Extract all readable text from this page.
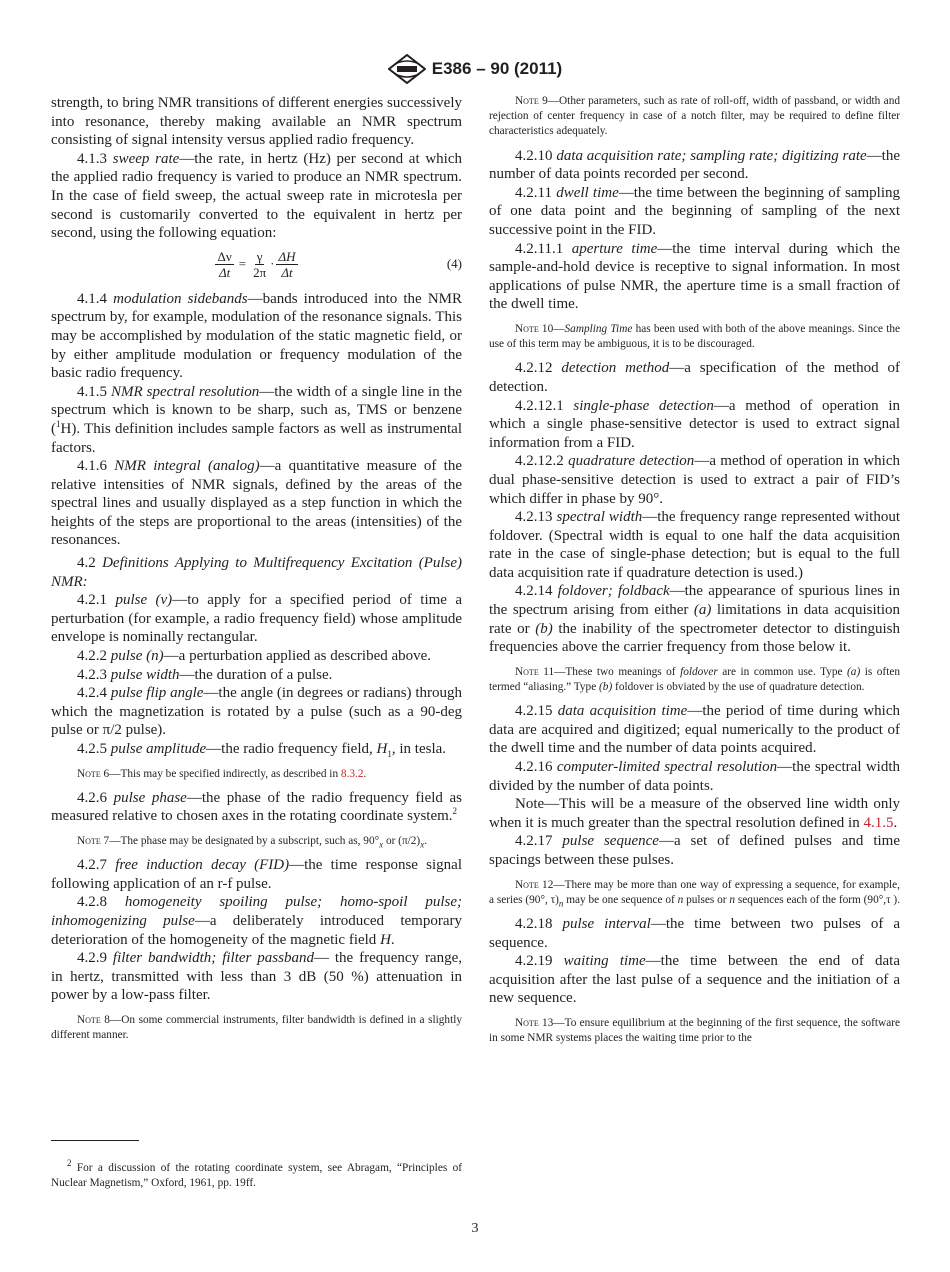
E386 – 90 (2011)

strength, to bring NMR transitions of different energies successively into resonance, thereby making available an NMR spectrum consisting of signal intensity versus applied radio frequency.

4.1.3 sweep rate—the rate, in hertz (Hz) per second at which the applied radio frequency is varied to produce an NMR spectrum. In the case of field sweep, the actual sweep rate in microtesla per second is customarily converted to the equivalent in hertz per second, using the following equation:

$\frac{\Delta\nu}{\Delta t} = \frac{\gamma}{2\pi} \cdot \frac{\Delta H}{\Delta t}$	(4)

4.1.4 modulation sidebands—bands introduced into the NMR spectrum by, for example, modulation of the resonance signals. This may be accomplished by modulation of the static magnetic field, or by either amplitude modulation or frequency modulation of the basic radio frequency.

4.1.5 NMR spectral resolution—the width of a single line in the spectrum which is known to be sharp, such as, TMS or benzene ($^1$H). This definition includes sample factors as well as instrumental factors.

4.1.6 NMR integral (analog)—a quantitative measure of the relative intensities of NMR signals, defined by the areas of the spectral lines and usually displayed as a step function in which the heights of the steps are proportional to the areas (intensities) of the resonances.

4.2 Definitions Applying to Multifrequency Excitation (Pulse) NMR:

4.2.1 pulse (v)—to apply for a specified period of time a perturbation (for example, a radio frequency field) whose amplitude envelope is nominally rectangular.

4.2.2 pulse (n)—a perturbation applied as described above.

4.2.3 pulse width—the duration of a pulse.

4.2.4 pulse flip angle—the angle (in degrees or radians) through which the magnetization is rotated by a pulse (such as a 90-deg pulse or π/2 pulse).

4.2.5 pulse amplitude—the radio frequency field, $H_1$, in tesla.

Note 6—This may be specified indirectly, as described in 8.3.2.

4.2.6 pulse phase—the phase of the radio frequency field as measured relative to chosen axes in the rotating coordinate system.$^2$

Note 7—The phase may be designated by a subscript, such as, $90^\circ_x$ or $(\pi/2)_x$.

4.2.7 free induction decay (FID)—the time response signal following application of an r-f pulse.

4.2.8 homogeneity spoiling pulse; homo-spoil pulse; inhomogenizing pulse—a deliberately introduced temporary deterioration of the homogeneity of the magnetic field H.

4.2.9 filter bandwidth; filter passband— the frequency range, in hertz, transmitted with less than 3 dB (50 %) attenuation in power by a low-pass filter.

Note 8—On some commercial instruments, filter bandwidth is defined in a slightly different manner.

Note 9—Other parameters, such as rate of roll-off, width of passband, or width and rejection of center frequency in case of a notch filter, may be required to define filter characteristics adequately.

4.2.10 data acquisition rate; sampling rate; digitizing rate—the number of data points recorded per second.

4.2.11 dwell time—the time between the beginning of sampling of one data point and the beginning of sampling of the next successive point in the FID.

4.2.11.1 aperture time—the time interval during which the sample-and-hold device is receptive to signal information. In most applications of pulse NMR, the aperture time is a small fraction of the dwell time.

Note 10—Sampling Time has been used with both of the above meanings. Since the use of this term may be ambiguous, it is to be discouraged.

4.2.12 detection method—a specification of the method of detection.

4.2.12.1 single-phase detection—a method of operation in which a single phase-sensitive detector is used to extract signal information from a FID.

4.2.12.2 quadrature detection—a method of operation in which dual phase-sensitive detection is used to extract a pair of FID’s which differ in phase by 90°.

4.2.13 spectral width—the frequency range represented without foldover. (Spectral width is equal to one half the data acquisition rate in the case of single-phase detection; but is equal to the full data acquisition rate if quadrature detection is used.)

4.2.14 foldover; foldback—the appearance of spurious lines in the spectrum arising from either (a) limitations in data acquisition rate or (b) the inability of the spectrometer detector to distinguish frequencies above the carrier frequency from those below it.

Note 11—These two meanings of foldover are in common use. Type (a) is often termed “aliasing.” Type (b) foldover is obviated by the use of quadrature detection.

4.2.15 data acquisition time—the period of time during which data are acquired and digitized; equal numerically to the product of the dwell time and the number of data points acquired.

4.2.16 computer-limited spectral resolution—the spectral width divided by the number of data points.

Note—This will be a measure of the observed line width only when it is much greater than the spectral resolution defined in 4.1.5.

4.2.17 pulse sequence—a set of defined pulses and time spacings between these pulses.

Note 12—There may be more than one way of expressing a sequence, for example, a series (90°, $\tau)_n$ may be one sequence of n pulses or n sequences each of the form (90°,τ ).

4.2.18 pulse interval—the time between two pulses of a sequence.

4.2.19 waiting time—the time between the end of data acquisition after the last pulse of a sequence and the initiation of a new sequence.

Note 13—To ensure equilibrium at the beginning of the first sequence, the software in some NMR systems places the waiting time prior to the

$^2$ For a discussion of the rotating coordinate system, see Abragam, “Principles of Nuclear Magnetism,” Oxford, 1961, pp. 19ff.

3
